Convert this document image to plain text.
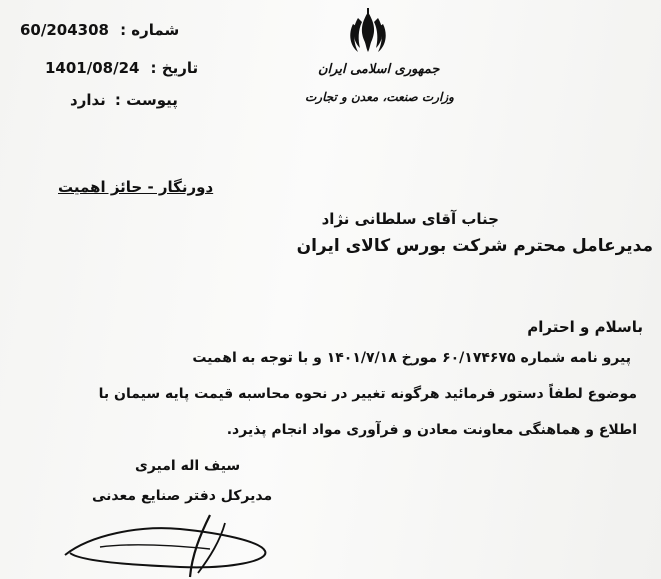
60/204308 شماره :
1401/08/24 تاریخ :
پیوست : ندارد
جمهوری اسلامی ایران
وزارت صنعت، معدن و تجارت
دورنگار - حائز اهمیت
جناب آقای سلطانی نژاد
مدیرعامل محترم شرکت بورس کالای ایران
باسلام و احترام
پیرو نامه شماره ۶۰/۱۷۴۶۷۵ مورخ ۱۴۰۱/۷/۱۸ و با توجه به اهمیت
موضوع لطفاً دستور فرمائید هرگونه تغییر در نحوه محاسبه قیمت پایه سیمان با
اطلاع و هماهنگی معاونت معادن و فرآوری مواد انجام پذیرد.
سیف اله امیری
مدیرکل دفتر صنایع معدنی
